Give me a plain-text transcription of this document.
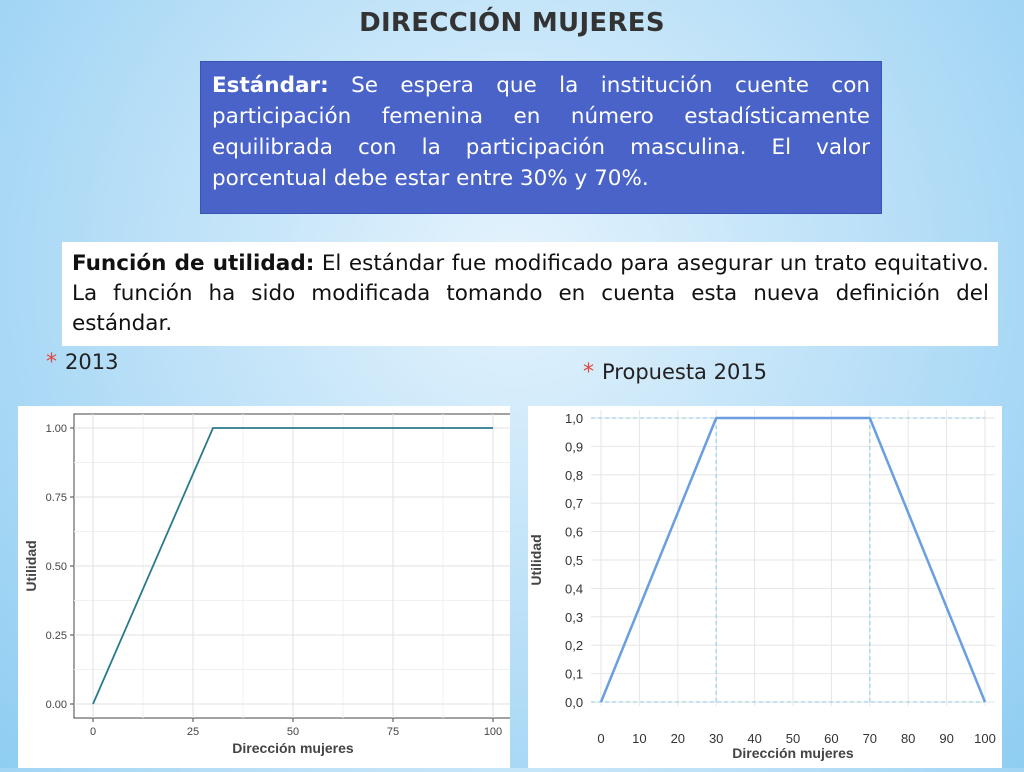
DIRECCIÓN MUJERES
Estándar: Se espera que la institución cuente con participación femenina en número estadísticamente equilibrada con la participación masculina. El valor porcentual debe estar entre 30% y 70%.
Función de utilidad: El estándar fue modificado para asegurar un trato equitativo. La función ha sido modificada tomando en cuenta esta nueva definición del estándar.
* 2013	* Propuesta 2015
0.00
0.25
0.50
0.75
1.00
0	25	50	75	100
Dirección mujeres
Utilidad
0,0
0,1
0,2
0,3
0,4
0,5
0,6
0,7
0,8
0,9
1,0
0 10 20 30 40 50 60 70 80 90 100
Dirección mujeres
Utilidad
